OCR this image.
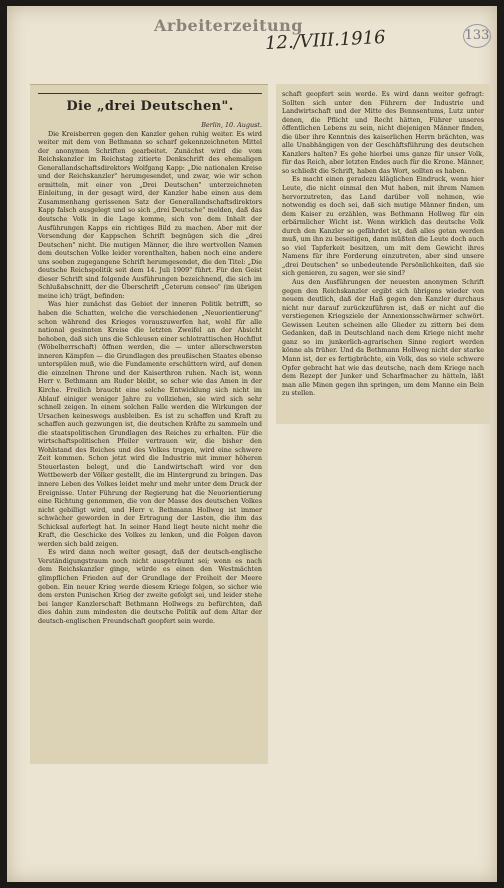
Arbeiterzeitung
12./VIII.1916	133
Die „drei Deutschen".

Berlin, 10. August.

Die Kreisberren gegen den Kanzler gehen ruhig weiter. Es wird weiter mit dem von Bethmann so scharf gekennzeichneten Mittel der anonymen Schriften gearbeitet. Zunächst wird die vom Reichskanzler im Reichstag zitierte Denkschrift des ehemaligen Generallandschaftsdirektors Wolfgang Kapp: „Die nationalen Kreise und der Reichskanzler" herumgesendet, und zwar, wie wir schon ermitteln, mit einer von „Drei Deutschen" unterzeichneten Einleitung, in der gesagt wird, der Kanzler habe einen aus dem Zusammenhang gerissenen Satz der Generallandschaftsdirektors Kapp falsch ausgelegt und so sich „drei Deutsche" melden, daß das deutsche Volk in die Lage komme, sich von dem Inhalt der Ausführungen Kapps ein richtiges Bild zu machen. Aber mit der Versendung der Kappschen Schrift begnügen sich die „drei Deutschen" nicht. Die mutigen Männer, die ihre wertvollen Namen dem deutschen Volke leider vorenthalten, haben noch eine andere uns soeben zugegangene Schrift herumgesendet, die den Titel: „Die deutsche Reichspolitik seit dem 14. Juli 1909" führt. Für den Geist dieser Schrift sind folgende Ausführungen bezeichnend, die sich im Schlußabschnitt, der die Überschrift „Ceterum censeo" (im übrigen meine ich) trägt, befinden:

Was hier zunächst das Gebiet der inneren Politik betrifft, so haben die Schatten, welche die verschiedenen „Neuorientierung" schon während des Krieges vorauszuwerfen hat, wohl für alle national gesinnten Kreise die letzten Zweifel an der Absicht behoben, daß sich uns die Schleusen einer schlotrattischen Hochflut (Wöbelherrschaft) öffnen werden, die — unter allerschwersten inneren Kämpfen — die Grundlagen des preußischen Staates ebenso unterspülen muß, wie die Fundamente erschüttern wird, auf denen die einzelnen Throne und der Kaiserthron ruhen. Nach ist, wenn Herr v. Bethmann am Ruder bleibt, so scher wie das Amen in der Kirche. Freilich braucht eine solche Entwicklung sich nicht im Ablauf einiger weniger Jahre zu vollziehen, sie wird sich sehr schnell zeigen. In einem solchen Falle werden die Wirkungen der Ursachen keineswegs ausbleiben. Es ist zu schaffen und Kraft zu schaffen auch gezwungen ist, die deutschen Kräfte zu sammeln und die staatspolitischen Grundlagen des Reiches zu erhalten. Für die wirtschaftspolitischen Pfeiler vertrauen wir, die bisher den Wohlstand des Reiches und des Volkes trugen, wird eine schwere Zeit kommen. Schon jetzt wird die Industrie mit immer höheren Steuerlasten belegt, und die Landwirtschaft wird vor den Wettbewerb der Völker gestellt, die im Hintergrund zu bringen. Das innere Leben des Volkes leidet mehr und mehr unter dem Druck der Ereignisse. Unter Führung der Regierung hat die Neuorientierung eine Richtung genommen, die von der Masse des deutschen Volkes nicht gebilligt wird, und Herr v. Bethmann Hollweg ist immer schwächer geworden in der Ertragung der Lasten, die ihm das Schicksal auferlegt hat. In seiner Hand liegt heute nicht mehr die Kraft, die Geschicke des Volkes zu lenken, und die Folgen davon werden sich bald zeigen.

Es wird dann noch weiter gesagt, daß der deutsch-englische Verständigungstraum noch nicht ausgeträumt sei; wenn es nach dem Reichskanzler ginge, würde es einen den Westmächten glimpflichen Frieden auf der Grundlage der Freiheit der Meere geben. Ein neuer Krieg werde diesem Kriege folgen, so sicher wie dem ersten Punischen Krieg der zweite gefolgt sei, und leider stehe bei langer Kanzlerschaft Bethmann Hollwegs zu befürchten, daß dies dahin zum mindesten die deutsche Politik auf dem Altar der deutsch-englischen Freundschaft geopfert sein werde.

schaft geopfert sein werde. Es wird dann weiter gefragt: Sollten sich unter den Führern der Industrie und Landwirtschaft und der Mitte des Bennsentums, Lutz unter denen, die Pflicht und Recht hätten, Führer unseres öffentlichen Lebens zu sein, nicht diejenigen Männer finden, die über ihre Kenntnis des kaiserlichen Herrn brächten, was alle Unabhängigen von der Geschäftsführung des deutschen Kanzlers halten? Es gehe hierbei ums ganze für unser Volk, für das Reich, aber letzten Endes auch für die Krone. Männer, so schließt die Schrift, haben das Wort, sollten es haben.

Es macht einen geradezu kläglichen Eindruck, wenn hier Leute, die nicht einmal den Mut haben, mit ihrem Namen hervorzutreten, das Land darüber voll nehmen, wie notwendig es doch sei, daß sich mutige Männer finden, um dem Kaiser zu erzählen, was Bethmann Hollweg für ein erbärmlicher Wicht ist. Wenn wirklich das deutsche Volk durch den Kanzler so gefährdet ist, daß alles getan werden muß, um ihn zu beseitigen, dann müßten die Leute doch auch so viel Tapferkeit besitzen, um mit dem Gewicht ihres Namens für ihre Forderung einzutreten, aber sind unsere „drei Deutschen" so unbedeutende Persönlichkeiten, daß sie sich genieren, zu sagen, wer sie sind?

Aus den Ausführungen der neuesten anonymen Schrift gegen den Reichskanzler ergibt sich übrigens wieder von neuem deutlich, daß der Haß gegen den Kanzler durchaus nicht nur darauf zurückzuführen ist, daß er nicht auf die verstiegenen Kriegsziele der Annexionsschwärmer schwört. Gewissen Leuten scheinen alle Glieder zu zittern bei dem Gedanken, daß in Deutschland nach dem Kriege nicht mehr ganz so im junkerlich-agrarischen Sinne regiert werden könne als früher. Und da Bethmann Hollweg nicht der starke Mann ist, der es fertigbrächte, ein Volk, das so viele schwere Opfer gebracht hat wie das deutsche, nach dem Kriege nach dem Rezept der Junker und Scharfmacher zu hätteln, läßt man alle Minen gegen ihn springen, um dem Manne ein Bein zu stellen.
